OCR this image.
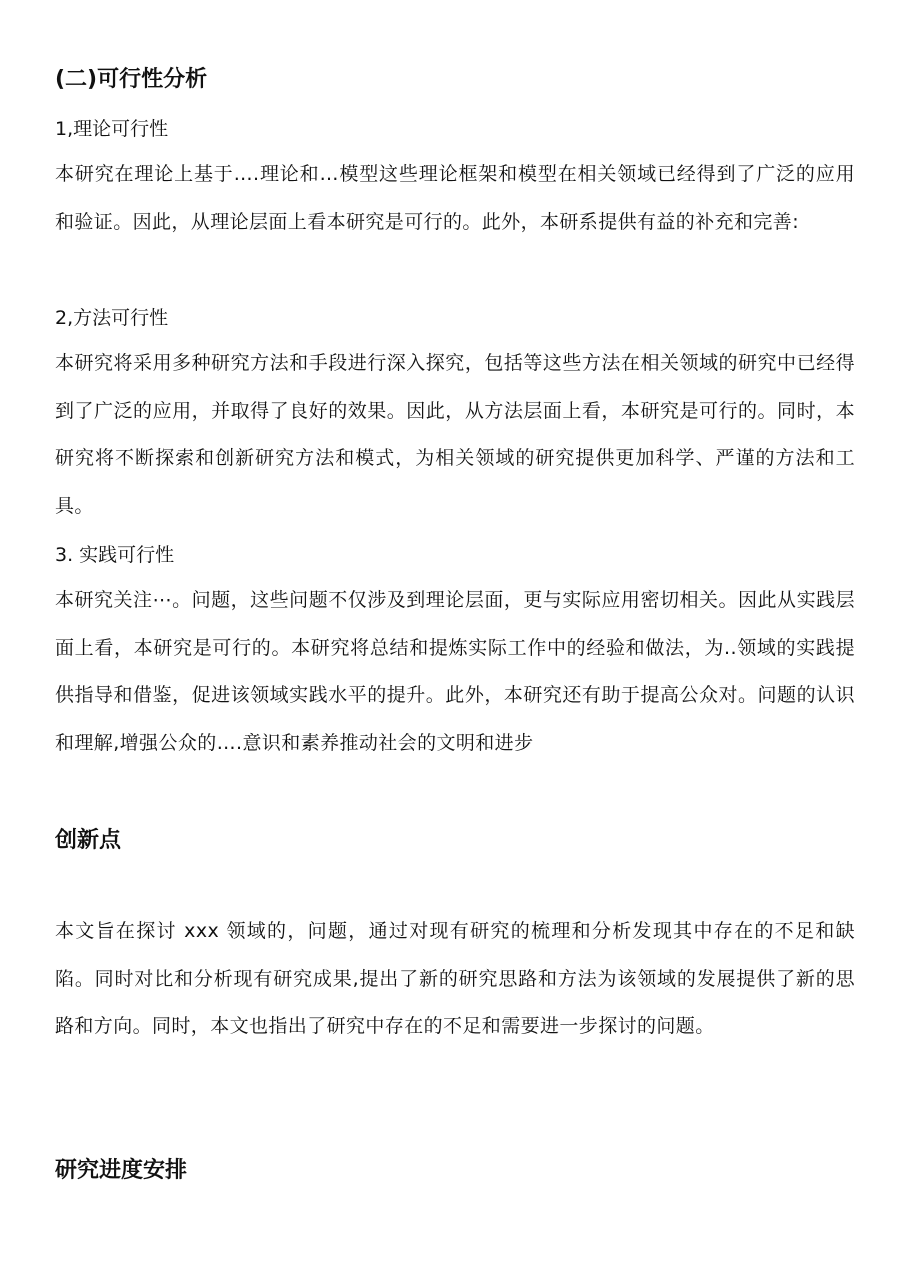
(二)可行性分析
1,理论可行性
本研究在理论上基于….理论和…模型这些理论框架和模型在相关领域已经得到了广泛的应用和验证。因此，从理论层面上看本研究是可行的。此外，本研系提供有益的补充和完善:
2,方法可行性
本研究将采用多种研究方法和手段进行深入探究，包括等这些方法在相关领域的研究中已经得到了广泛的应用，并取得了良好的效果。因此，从方法层面上看，本研究是可行的。同时，本研究将不断探索和创新研究方法和模式，为相关领域的研究提供更加科学、严谨的方法和工具。
3. 实践可行性
本研究关注⋯。问题，这些问题不仅涉及到理论层面，更与实际应用密切相关。因此从实践层面上看，本研究是可行的。本研究将总结和提炼实际工作中的经验和做法，为..领域的实践提供指导和借鉴，促进该领域实践水平的提升。此外，本研究还有助于提高公众对。问题的认识和理解,增强公众的….意识和素养推动社会的文明和进步
创新点
本文旨在探讨 xxx 领域的，问题，通过对现有研究的梳理和分析发现其中存在的不足和缺陷。同时对比和分析现有研究成果,提出了新的研究思路和方法为该领域的发展提供了新的思路和方向。同时，本文也指出了研究中存在的不足和需要进一步探讨的问题。
研究进度安排
